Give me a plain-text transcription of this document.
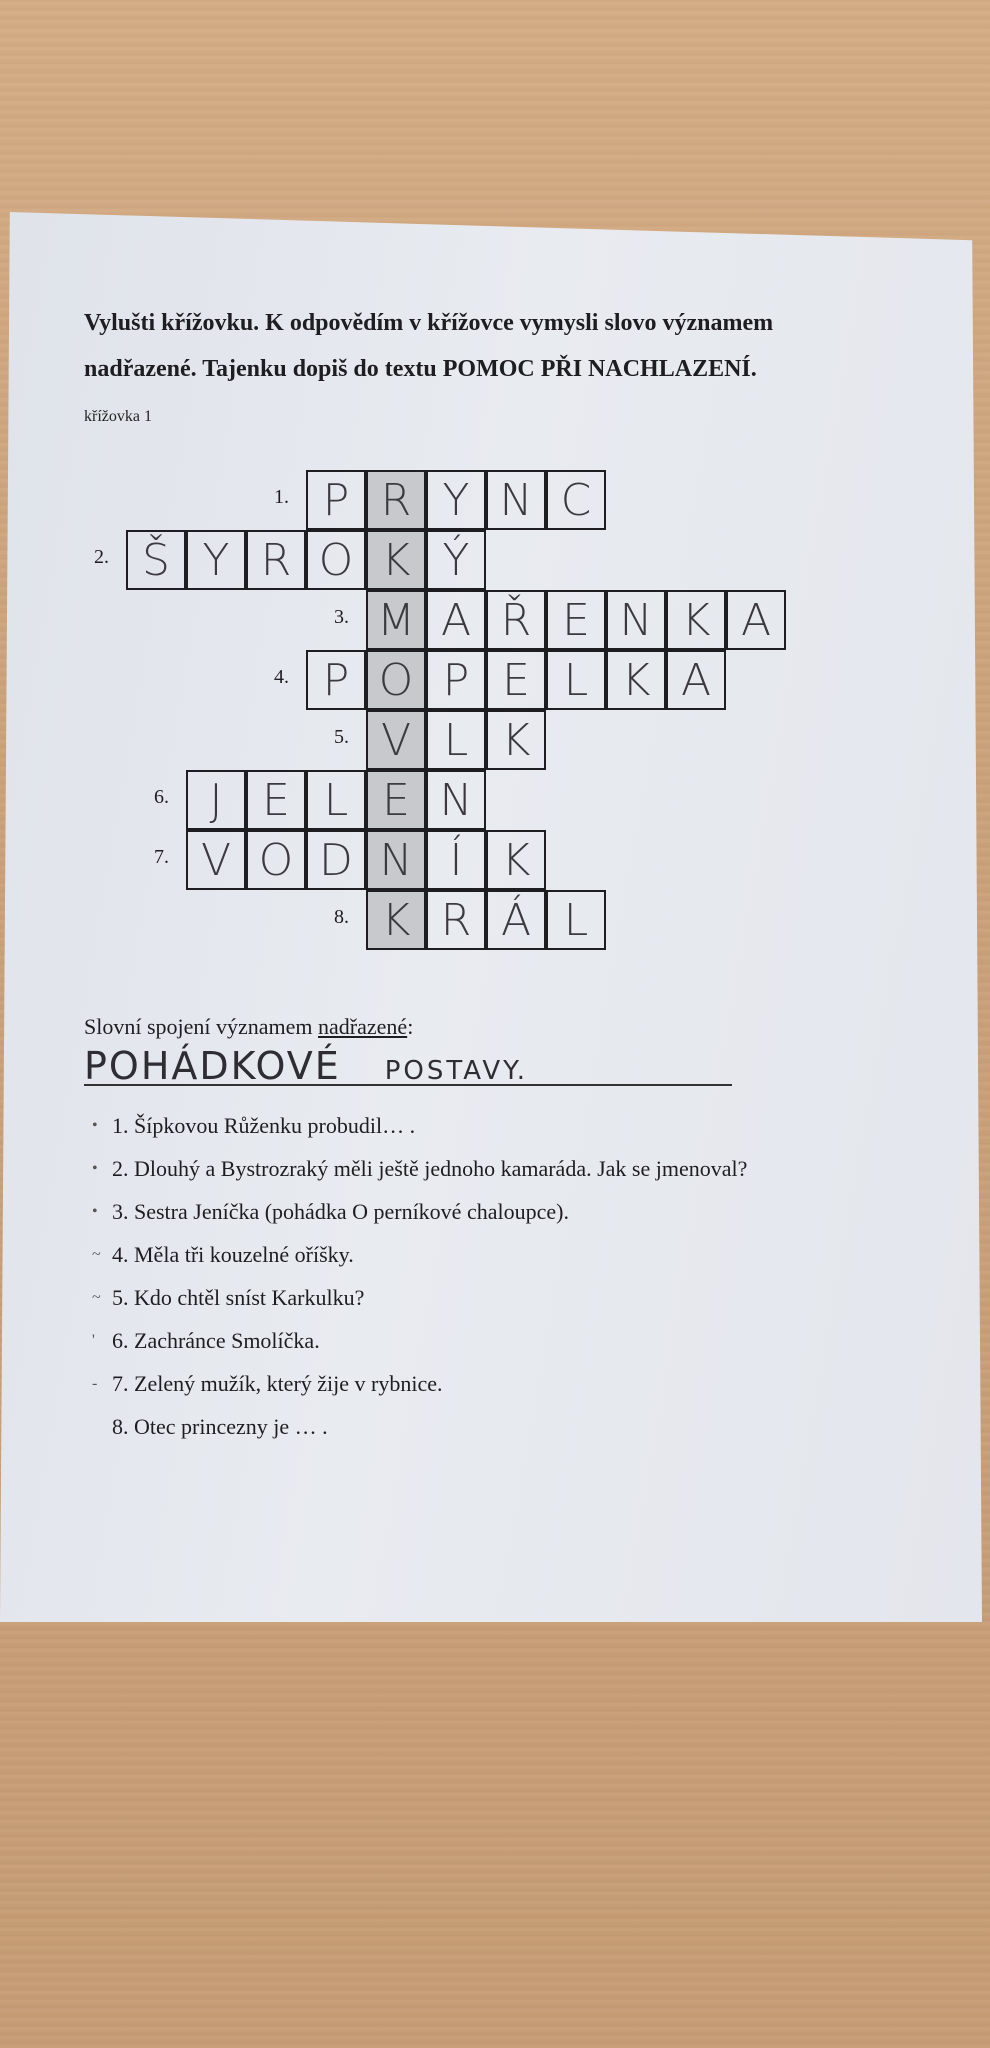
Vylušti křížovku. K odpovědím v křížovce vymysli slovo významem
nadřazené. Tajenku dopiš do textu POMOC PŘI NACHLAZENÍ.
křížovka 1
1. P R Y N C
2. Š Y R O K Ý
3. M A Ř E N K A
4. P O P E L K A
5. V L K
6. J E L E N
7. V O D N Í K
8. K R Á L
Slovní spojení významem nadřazené:
POHÁDKOVÉ POSTAVY.
• 1. Šípkovou Růženku probudil… .
• 2. Dlouhý a Bystrozraký měli ještě jednoho kamaráda. Jak se jmenoval?
• 3. Sestra Jeníčka (pohádka O perníkové chaloupce).
~ 4. Měla tři kouzelné oříšky.
~ 5. Kdo chtěl sníst Karkulku?
' 6. Zachránce Smolíčka.
- 7. Zelený mužík, který žije v rybnice.
8. Otec princezny je … .
